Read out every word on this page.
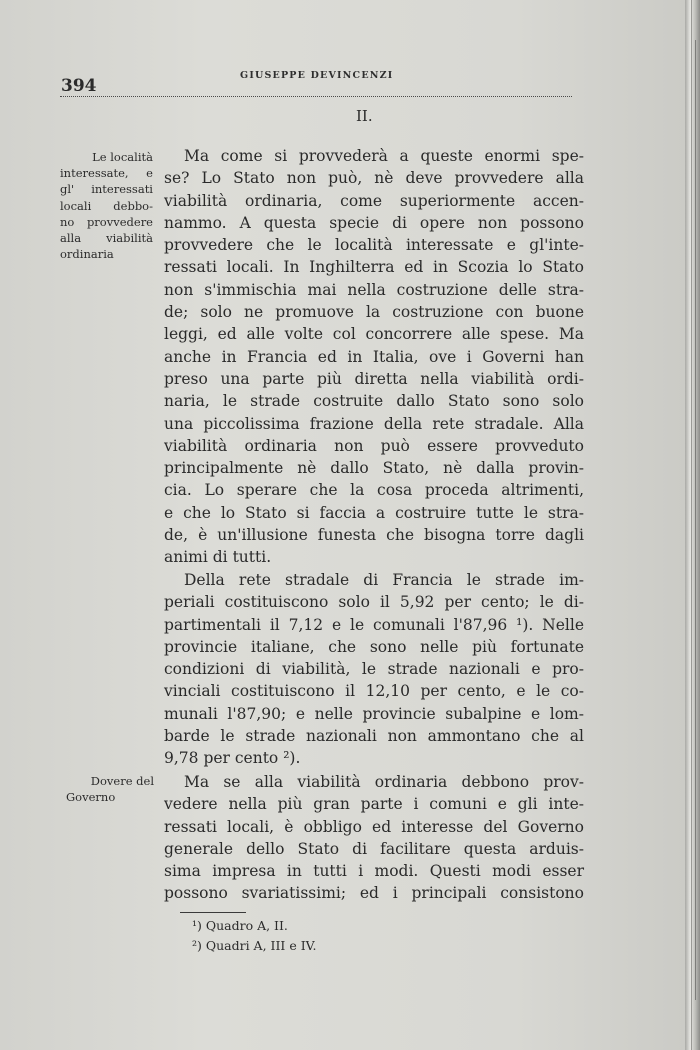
394
GIUSEPPE DEVINCENZI
II.
Le località
interessate, e
gl' interessati
locali debbo-
no provvedere
alla viabilità
ordinaria
Dovere del
Governo
Ma come si provvederà a queste enormi spe-
se? Lo Stato non può, nè deve provvedere alla
viabilità ordinaria, come superiormente accen-
nammo. A questa specie di opere non possono
provvedere che le località interessate e gl'inte-
ressati locali. In Inghilterra ed in Scozia lo Stato
non s'immischia mai nella costruzione delle stra-
de; solo ne promuove la costruzione con buone
leggi, ed alle volte col concorrere alle spese. Ma
anche in Francia ed in Italia, ove i Governi han
preso una parte più diretta nella viabilità ordi-
naria, le strade costruite dallo Stato sono solo
una piccolissima frazione della rete stradale. Alla
viabilità ordinaria non può essere provveduto
principalmente nè dallo Stato, nè dalla provin-
cia. Lo sperare che la cosa proceda altrimenti,
e che lo Stato si faccia a costruire tutte le stra-
de, è un'illusione funesta che bisogna torre dagli
animi di tutti.
Della rete stradale di Francia le strade im-
periali costituiscono solo il 5,92 per cento; le di-
partimentali il 7,12 e le comunali l'87,96 ¹). Nelle
provincie italiane, che sono nelle più fortunate
condizioni di viabilità, le strade nazionali e pro-
vinciali costituiscono il 12,10 per cento, e le co-
munali l'87,90; e nelle provincie subalpine e lom-
barde le strade nazionali non ammontano che al
9,78 per cento ²).
Ma se alla viabilità ordinaria debbono prov-
vedere nella più gran parte i comuni e gli inte-
ressati locali, è obbligo ed interesse del Governo
generale dello Stato di facilitare questa arduis-
sima impresa in tutti i modi. Questi modi esser
possono svariatissimi; ed i principali consistono
¹) Quadro A, II.
²) Quadri A, III e IV.
